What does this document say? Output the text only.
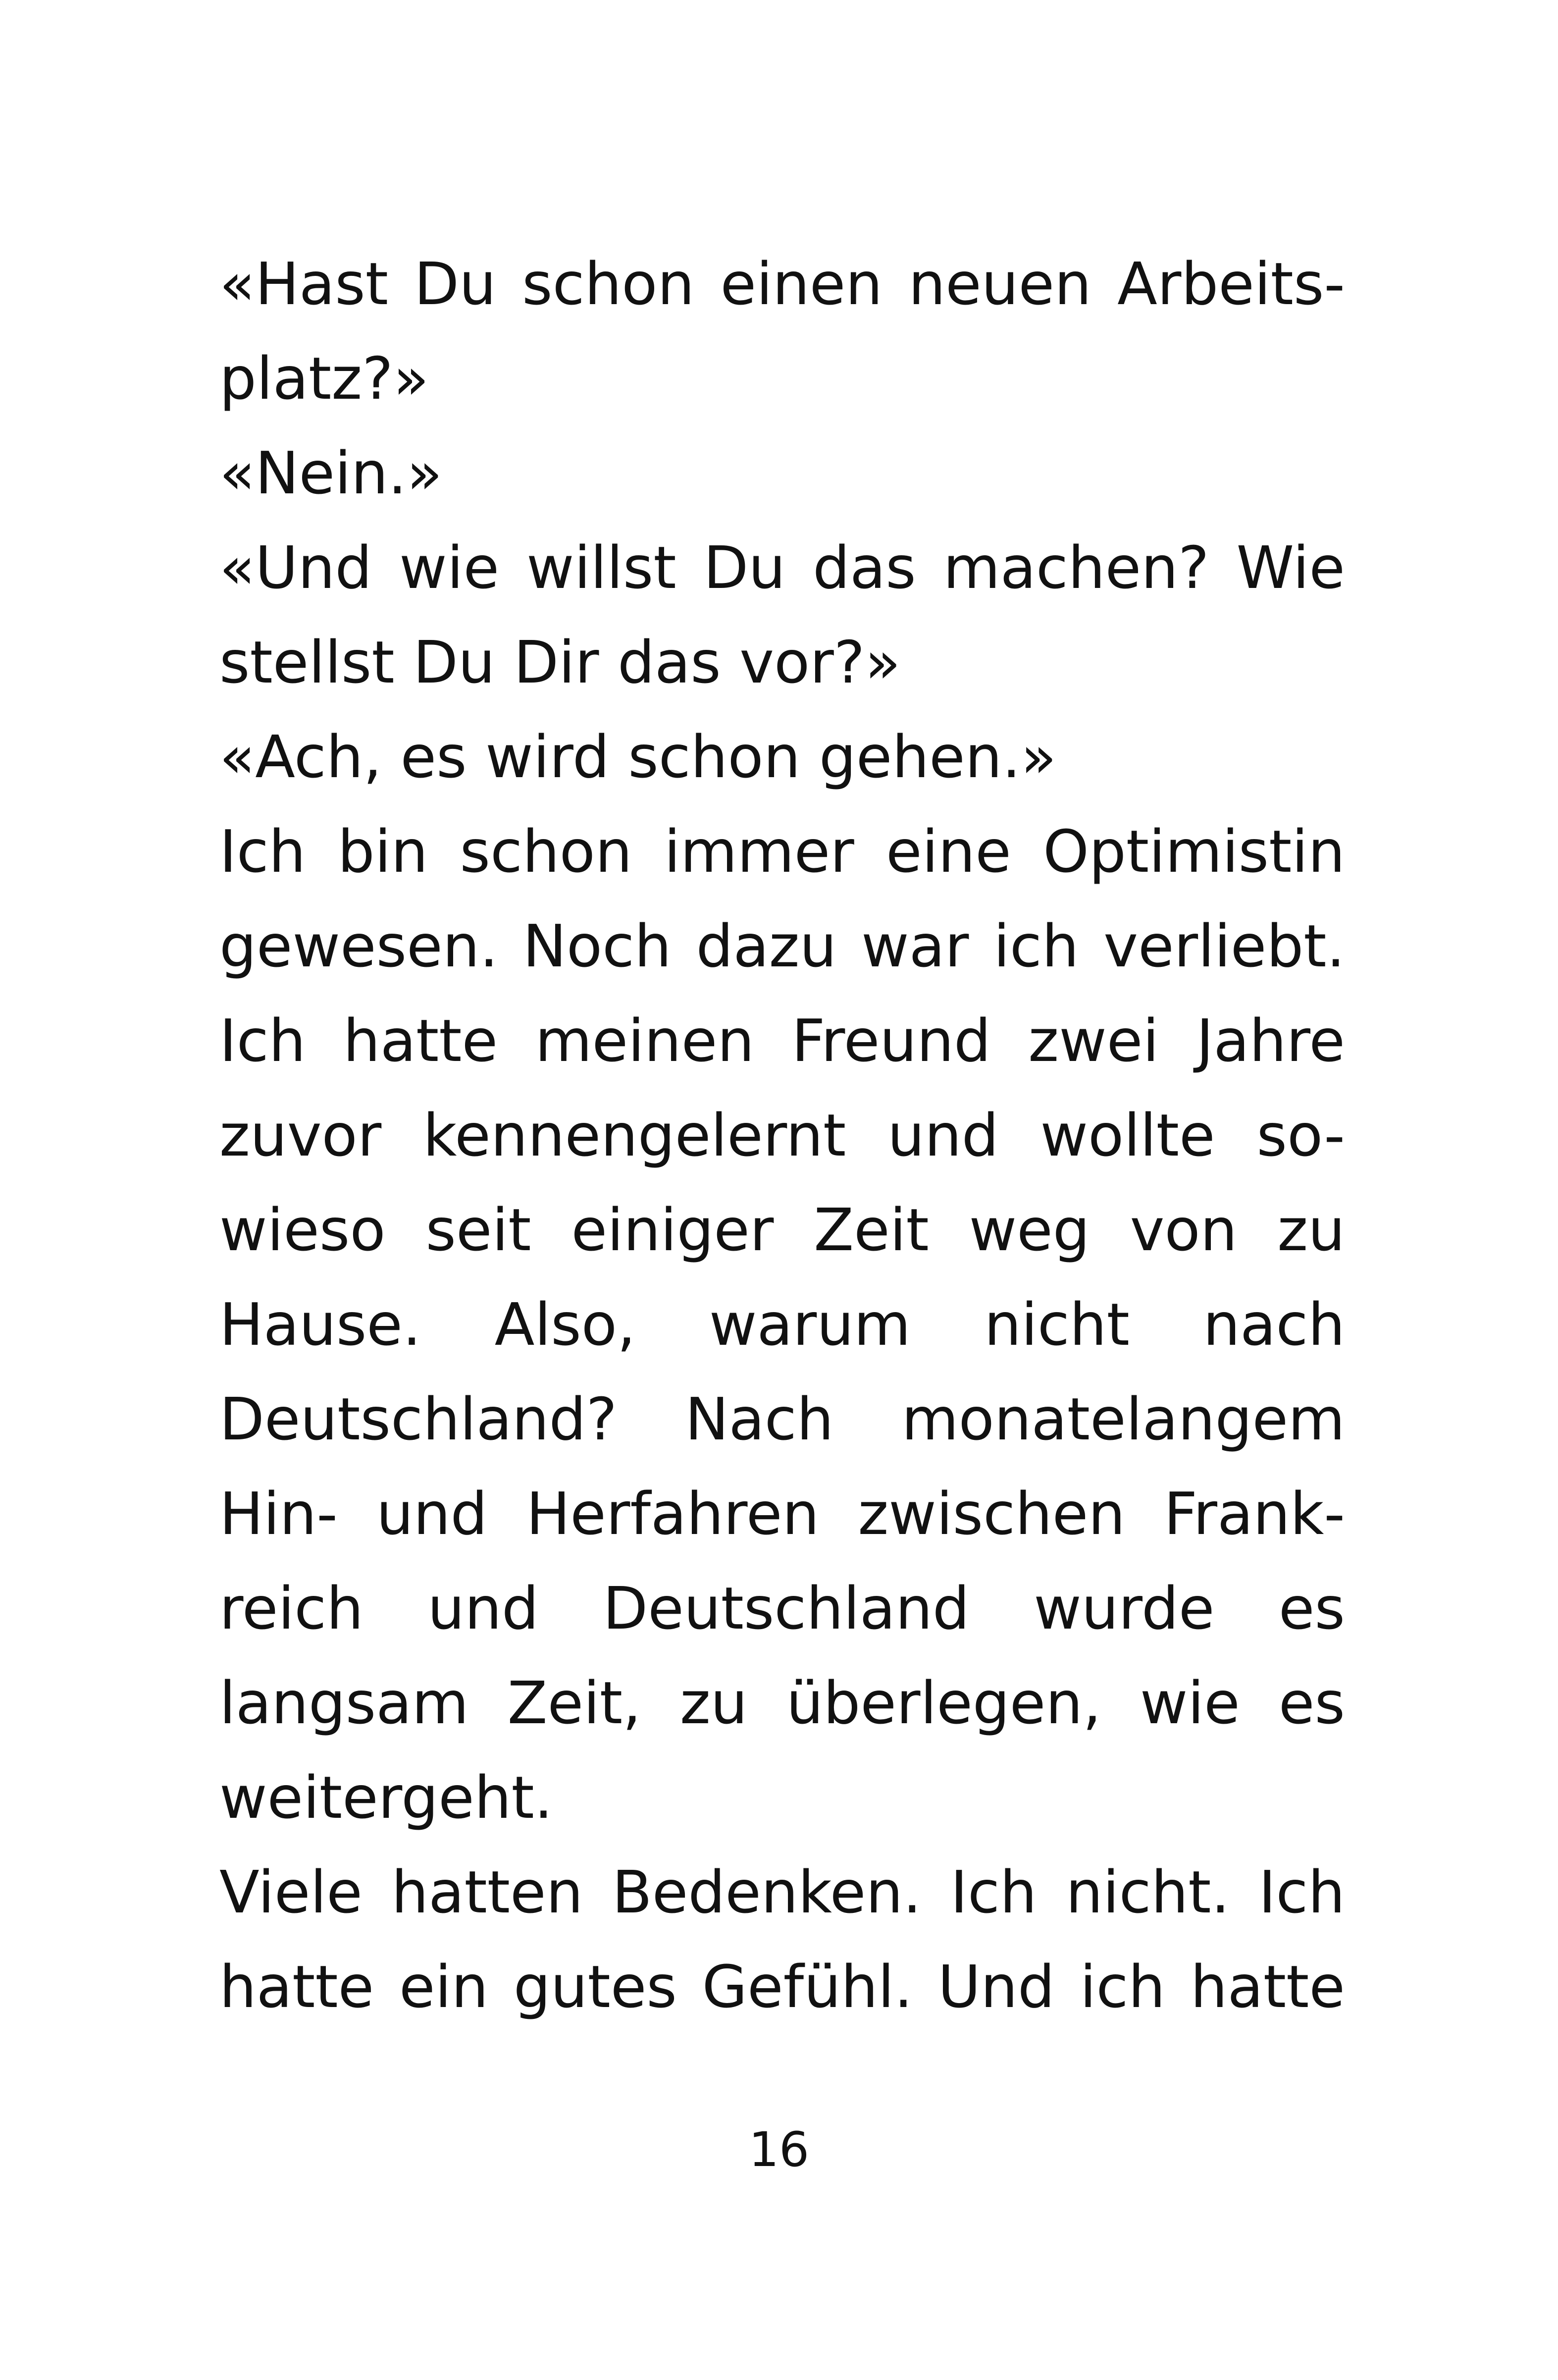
«Hast Du schon einen neuen Arbeits-
platz?»
«Nein.»
«Und wie willst Du das machen? Wie
stellst Du Dir das vor?»
«Ach, es wird schon gehen.»
Ich bin schon immer eine Optimistin
gewesen. Noch dazu war ich verliebt.
Ich hatte meinen Freund zwei Jahre
zuvor kennengelernt und wollte so-
wieso seit einiger Zeit weg von zu
Hause. Also, warum nicht nach
Deutschland? Nach monatelangem
Hin- und Herfahren zwischen Frank-
reich und Deutschland wurde es
langsam Zeit, zu überlegen, wie es
weitergeht.
Viele hatten Bedenken. Ich nicht. Ich
hatte ein gutes Gefühl. Und ich hatte
16
